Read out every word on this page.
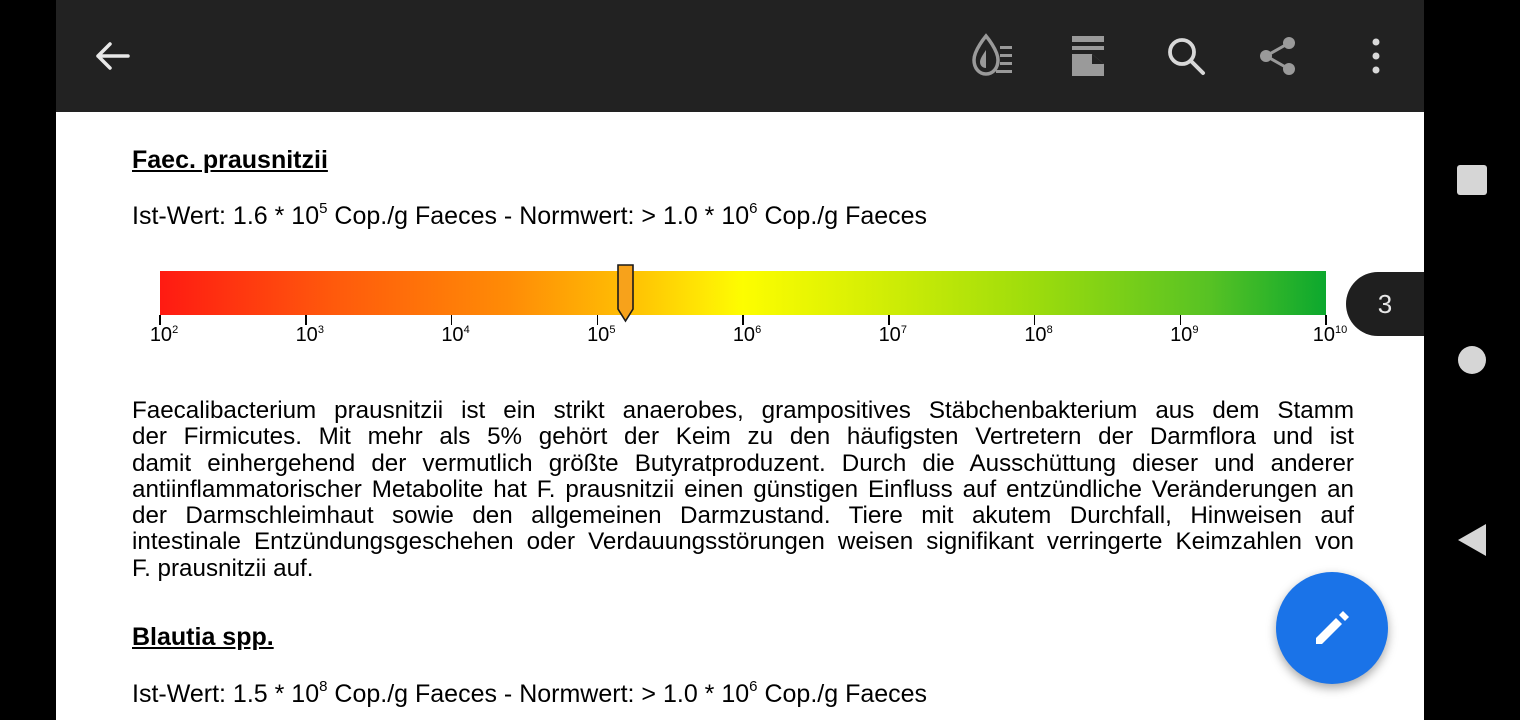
Faec. prausnitzii
Ist-Wert: $1.6 * 10^5$ Cop./g Faeces - Normwert: > $1.0 * 10^6$ Cop./g Faeces
$10^2$	$10^3$	$10^4$	$10^5$	$10^6$	$10^7$	$10^8$	$10^9$	$10^{10}$
Faecalibacterium prausnitzii ist ein strikt anaerobes, grampositives Stäbchenbakterium aus dem Stamm
der Firmicutes. Mit mehr als 5% gehört der Keim zu den häufigsten Vertretern der Darmflora und ist
damit einhergehend der vermutlich größte Butyratproduzent. Durch die Ausschüttung dieser und anderer
antiinflammatorischer Metabolite hat F. prausnitzii einen günstigen Einfluss auf entzündliche Veränderungen an
der Darmschleimhaut sowie den allgemeinen Darmzustand. Tiere mit akutem Durchfall, Hinweisen auf
intestinale Entzündungsgeschehen oder Verdauungsstörungen weisen signifikant verringerte Keimzahlen von
F. prausnitzii auf.
Blautia spp.
Ist-Wert: $1.5 * 10^8$ Cop./g Faeces - Normwert: > $1.0 * 10^6$ Cop./g Faeces
3
